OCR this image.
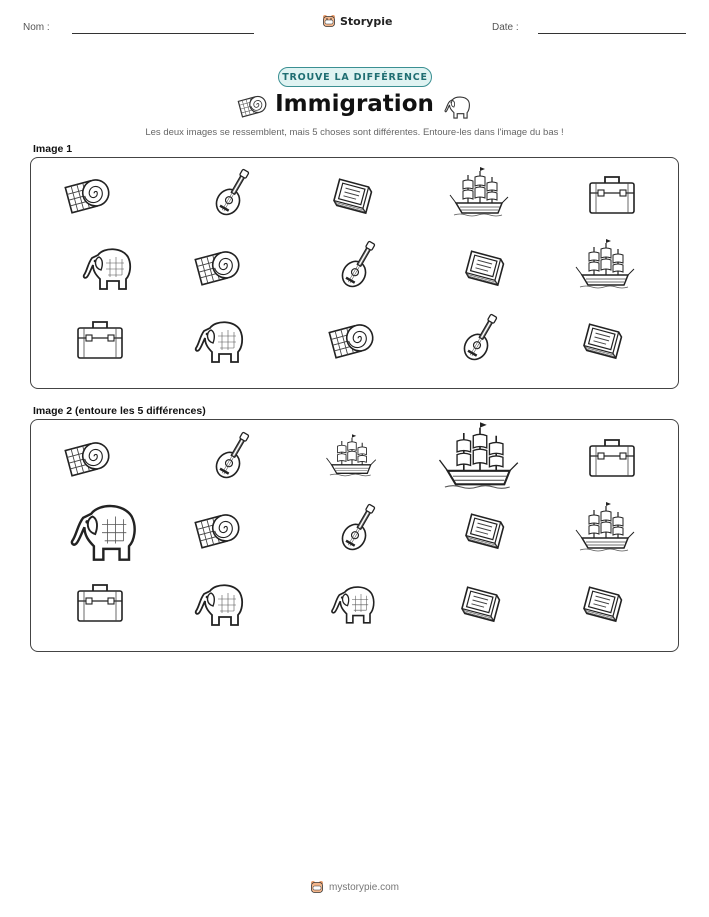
Nom :	Storypie	Date :
TROUVE LA DIFFÉRENCE
Immigration
Les deux images se ressemblent, mais 5 choses sont différentes. Entoure-les dans l'image du bas !
Image 1
Image 2 (entoure les 5 différences)
mystorypie.com
